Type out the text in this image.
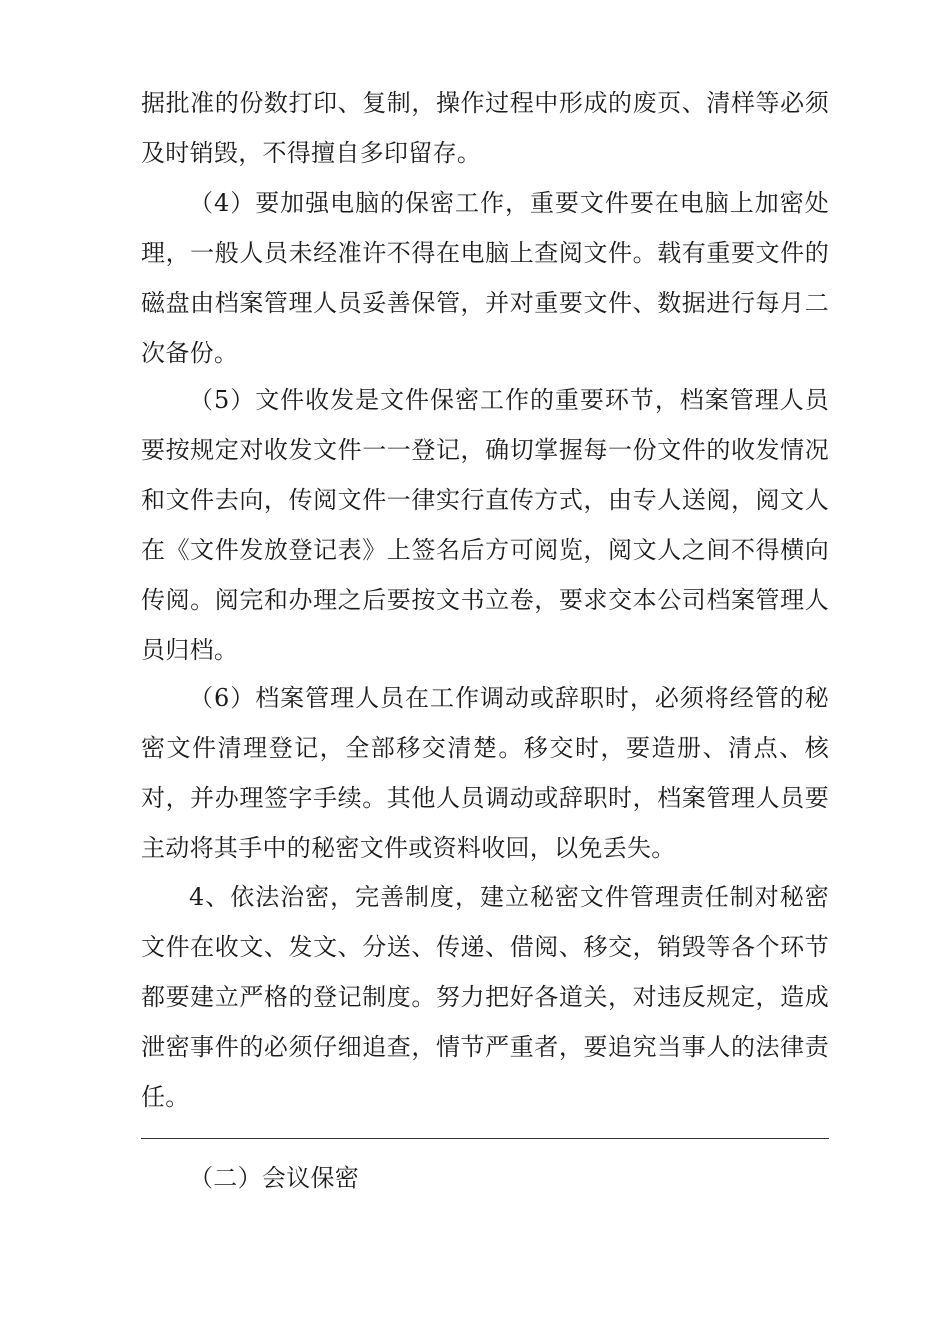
据批准的份数打印、复制，操作过程中形成的废页、清样等必须及时销毁，不得擅自多印留存。

（4）要加强电脑的保密工作，重要文件要在电脑上加密处理，一般人员未经准许不得在电脑上查阅文件。载有重要文件的磁盘由档案管理人员妥善保管，并对重要文件、数据进行每月二次备份。

（5）文件收发是文件保密工作的重要环节，档案管理人员要按规定对收发文件一一登记，确切掌握每一份文件的收发情况和文件去向，传阅文件一律实行直传方式，由专人送阅，阅文人在《文件发放登记表》上签名后方可阅览，阅文人之间不得横向传阅。阅完和办理之后要按文书立卷，要求交本公司档案管理人员归档。

（6）档案管理人员在工作调动或辞职时，必须将经管的秘密文件清理登记，全部移交清楚。移交时，要造册、清点、核对，并办理签字手续。其他人员调动或辞职时，档案管理人员要主动将其手中的秘密文件或资料收回，以免丢失。

4、依法治密，完善制度，建立秘密文件管理责任制对秘密文件在收文、发文、分送、传递、借阅、移交，销毁等各个环节都要建立严格的登记制度。努力把好各道关，对违反规定，造成泄密事件的必须仔细追查，情节严重者，要追究当事人的法律责任。

（二）会议保密
